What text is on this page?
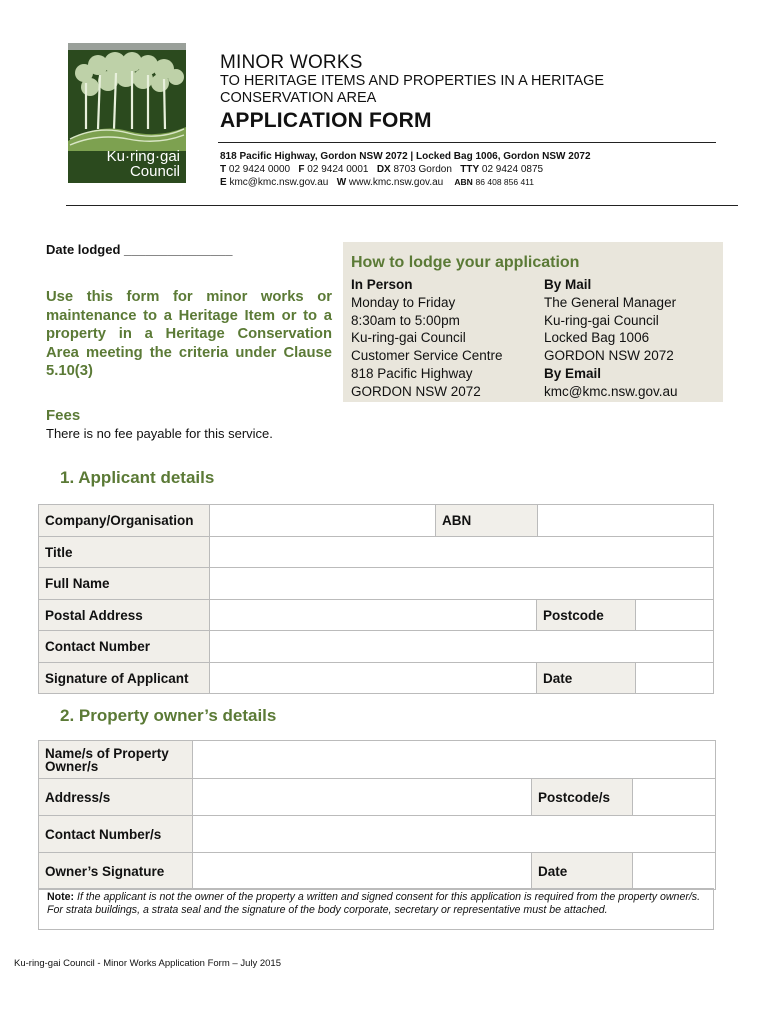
Ku·ring·gai
Council
MINOR WORKS
TO HERITAGE ITEMS AND PROPERTIES IN A HERITAGE
CONSERVATION AREA
APPLICATION FORM
818 Pacific Highway, Gordon NSW 2072 | Locked Bag 1006, Gordon NSW 2072
T 02 9424 0000 F 02 9424 0001 DX 8703 Gordon TTY 02 9424 0875
E kmc@kmc.nsw.gov.au W www.kmc.nsw.gov.au ABN 86 408 856 411
Date lodged _______________
Use this form for minor works or maintenance to a Heritage Item or to a property in a Heritage Conservation Area meeting the criteria under Clause 5.10(3)
How to lodge your application
In Person
Monday to Friday
8:30am to 5:00pm
Ku-ring-gai Council
Customer Service Centre
818 Pacific Highway
GORDON NSW 2072
By Mail
The General Manager
Ku-ring-gai Council
Locked Bag 1006
GORDON NSW 2072
By Email
kmc@kmc.nsw.gov.au
Fees
There is no fee payable for this service.
1. Applicant details
Company/Organisation	ABN
Title
Full Name
Postal Address	Postcode
Contact Number
Signature of Applicant	Date
2. Property owner’s details
Name/s of Property Owner/s
Address/s	Postcode/s
Contact Number/s
Owner’s Signature	Date
Note: If the applicant is not the owner of the property a written and signed consent for this application is required from the property owner/s. For strata buildings, a strata seal and the signature of the body corporate, secretary or representative must be attached.
Ku-ring-gai Council - Minor Works Application Form – July 2015
